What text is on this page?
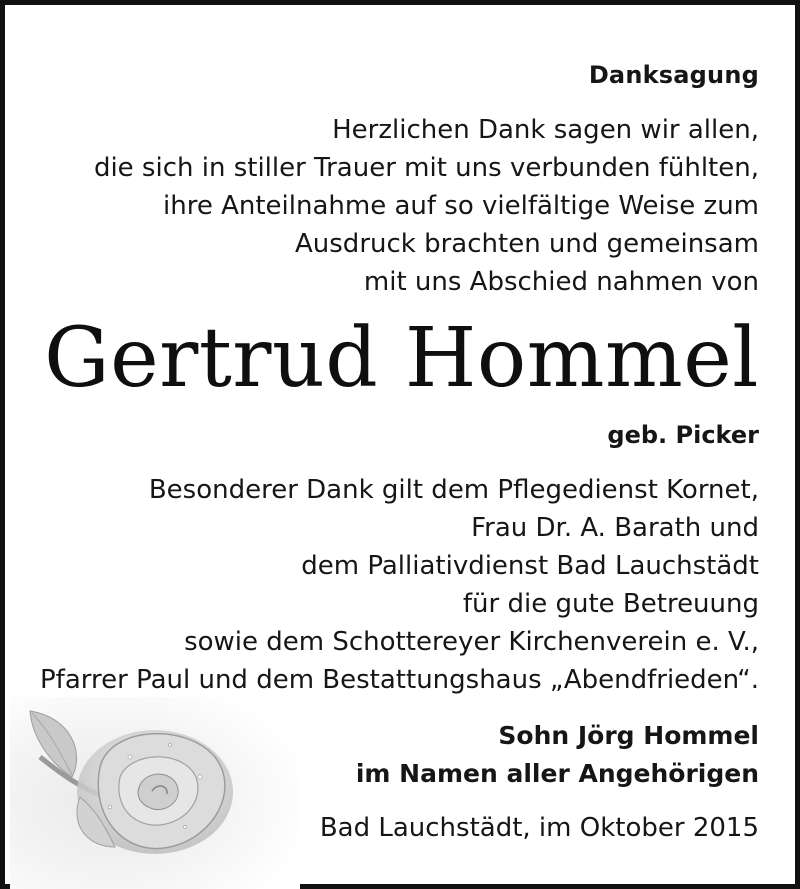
Danksagung
Herzlichen Dank sagen wir allen,
die sich in stiller Trauer mit uns verbunden fühlten,
ihre Anteilnahme auf so vielfältige Weise zum
Ausdruck brachten und gemeinsam
mit uns Abschied nahmen von
Gertrud Hommel
geb. Picker
Besonderer Dank gilt dem Pflegedienst Kornet,
Frau Dr. A. Barath und
dem Palliativdienst Bad Lauchstädt
für die gute Betreuung
sowie dem Schottereyer Kirchenverein e. V.,
Pfarrer Paul und dem Bestattungshaus „Abendfrieden“.
Sohn Jörg Hommel
im Namen aller Angehörigen
Bad Lauchstädt, im Oktober 2015
